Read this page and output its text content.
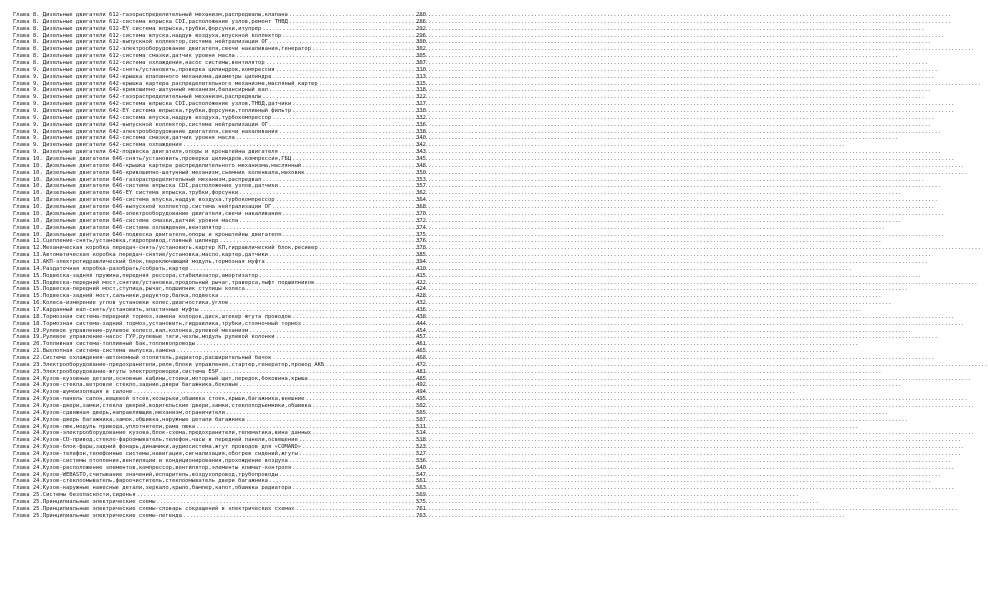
Глава 8. Дизельные двигатели 612-газораспределительный механизм,распредвалы,клапана .....	280
Глава 8. Дизельные двигатели 612-система впрыска CDI,расположение узлов,ремонт ТНВД .....	286
Глава 8. Дизельные двигатели 612-EY система впрыска,трубки,форсунки,итупрер .....	292
Глава 8. Дизельные двигатели 612-система впуска,наддув воздуха,впускной коллектор .....	296
Глава 8. Дизельные двигатели 612-выпускной коллектор,система нейтрализации ОГ .....	300
Глава 8. Дизельные двигатели 612-электрооборудование двигателя,свечи накаливания,генератор .....	302
Глава 8. Дизельные двигатели 612-система смазки,датчик уровня масла .....	305
Глава 8. Дизельные двигатели 612-система охлаждения,насос системы,вентилятор .....	307
Глава 9. Дизельные двигатели 642-снять/установить,проверка цилиндров,компрессия .....	310
Глава 9. Дизельные двигатели 642-крышка клапанного механизма,диаметры цилиндра .....	313
Глава 9. Дизельные двигатели 642-крышка картера распределительного механизма,масляный картер .....	315
Глава 9. Дизельные двигатели 642-кривошипно-шатунный механизм,балансирный вал .....	318
Глава 9. Дизельные двигатели 642-газораспределительный механизм,распредвалы .....	322
Глава 9. Дизельные двигатели 642-система впрыска CDI,расположение узлов,ТНВД,датчики .....	327
Глава 9. Дизельные двигатели 642-EY система впрыска,трубки,форсунки,топливный фильтр .....	330
Глава 9. Дизельные двигатели 642-система впуска,наддув воздуха,турбокомпрессор .....	332
Глава 9. Дизельные двигатели 642-выпускной коллектор,система нейтрализации ОГ .....	336
Глава 9. Дизельные двигатели 642-электрооборудование двигателя,свечи накаливания .....	338
Глава 9. Дизельные двигатели 642-система смазки,датчик уровня масла .....	340
Глава 9. Дизельные двигатели 642-система охлаждения .....	342
Глава 9. Дизельные двигатели 642-подвеска двигателя,опоры и кронштейны двигателя .....	343
Глава 10. Дизельные двигатели 646-снять/установить,проверка цилиндров,компрессия,ГБЦ .....	345
Глава 10. Дизельные двигатели 646-крышка картера распределительного механизма,маслянный .....	348
Глава 10. Дизельные двигатели 646-кривошипно-шатунный механизм,съемник коленвала,маховик .....	350
Глава 10. Дизельные двигатели 646-газораспределительный механизм,распредвал .....	353
Глава 10. Дизельные двигатели 646-система впрыска CDI,расположение узлов,датчики .....	357
Глава 10. Дизельные двигатели 646-EY система впрыска,трубки,форсунки .....	362
Глава 10. Дизельные двигатели 646-система впуска,наддув воздуха,турбокомпрессор .....	364
Глава 10. Дизельные двигатели 646-выпускной коллектор,система нейтрализации ОГ .....	368
Глава 10. Дизельные двигатели 646-электрооборудование двигателя,свечи накаливания .....	370
Глава 10. Дизельные двигатели 646-система смазки,датчик уровня масла .....	372
Глава 10. Дизельные двигатели 646-система охлаждения,вентилятор .....	374
Глава 10. Дизельные двигатели 646-подвеска двигателя,опоры и кронштейны двигателя .....	375
Глава 11.Сцепление-снять/установка,гидропривод,главный цилиндр .....	376
Глава 12.Механическая коробка передач-снять/установить,картер КП,гидравлический блок,ресивер .....	378
Глава 13.Автоматическая коробка передач-снятие/установка,масло,картер,датчики .....	385
Глава 13.АКП-электрогидравлический блок,переключающий модуль,тормозная муфта .....	394
Глава 14.Раздаточная коробка-разобрать/собрать,картер .....	410
Глава 15.Подвеска-задняя пружина,передняя рессора,стабилизатор,амортизатор .....	415
Глава 15.Подвеска-передний мост,снятие/установка,продольный рычаг,траверса,пыфт подшипников .....	422
Глава 15.Подвеска-передний мост,ступица,рычаг,подшипник ступицы колеса .....	424
Глава 15.Подвеска-задний мост,сальники,редуктор,балка,подвеска .....	428
Глава 16.Колеса-измерение углов установки колес,диагностика,углов .....	432
Глава 17.Карданный вал-снять/установить,эластичные муфты .....	436
Глава 18.Тормозная система-передний тормоз,замена колодок,диск,штекер жгута проводов .....	438
Глава 18.Тормозная система-задний тормоз,установить,гидравлика,трубки,стояночный тормоз .....	444
Глава 19.Рулевое управление-рулевое колесо,вал,колонка,рулевой механизм .....	454
Глава 19.Рулевое управление-насос ГУР,рулевые тяги,чехлы,модуль рулевой колонки .....	457
Глава 20.Топливная система-топливный бак,топливопроводы .....	461
Глава 21.Выхлопная система-система выпуска,замена .....	465
Глава 22.Система охлаждения-автономный отопитель,радиатор,расширительный бачок .....	468
Глава 23.Электрооборудование-предохранители,реле,блоки управления,стартер,генератор,провод АКБ .....	472
Глава 23.Электрооборудование-жгуты электропроводки,система ESP .....	481
Глава 24.Кузов-кузовные детали,основные кабины,стоики,моторный щит,передок,боковина,крыша .....	485
Глава 24.Кузов-стекла,ветровое стекло,задние,двери багажника,боковые .....	492
Глава 24.Кузов-шумоизоляция в салоне .....	494
Глава 24.Кузов-панель салон,вещевой отсек,козырьки,обшивка стоек,крыши,багажника,внешние .....	495
Глава 24.Кузов-двери,замки,стекла дверей,водительские двери,замки,стеклоподъемники,обшивка .....	502
Глава 24.Кузов-сдвижная дверь,направляющие,механизм,ограничители .....	505
Глава 24.Кузов-дверь багажника,замок,обшивка,наружные детали багажника .....	507
Глава 24.Кузов-люк,модуль привода,уплотнители,рама люка .....	511
Глава 24.Кузов-электрооборудование кузова,блок-схема,предохранители,телематика,вина данных .....	514
Глава 24.Кузов-CD-привод,стекло-фароомыватель,телефон,часы в передней панели,освещение .....	518
Глава 24.Кузов-блок-фары,задний фонарь,динамики,аудиосистема,жгут проводов для «COMAND» .....	523
Глава 24.Кузов-телефон,телефонные системы,навигация,сигнализация,обогрев сидений,жгуты .....	527
Глава 24.Кузов-системы отопления,вентиляции и кондиционирования,прохождение воздуха .....	536
Глава 24.Кузов-расположение элементов,компрессор,вентилятор,элементы климат-контроля .....	540
Глава 24.Кузов-WEBASTO,считывание значений,испаритель,воздухопровод,трубопроводы .....	547
Глава 24.Кузов-стеклоомыватель,фароочиститель,стеклоомыватель двери багажника .....	561
Глава 24.Кузов-наружные навесные детали,зеркало,крыло,бампер,капот,обшивка радиатора .....	563
Глава 25.Системы безопасности,сиденья .....	569
Глава 25.Принципиальные электрические схемы .....	575
Глава 25.Принципиальные электрические схемы-словарь сокращений в электрических схемах .....	761
Глава 25.Принципиальные электрические схемы-легенда .....	763
